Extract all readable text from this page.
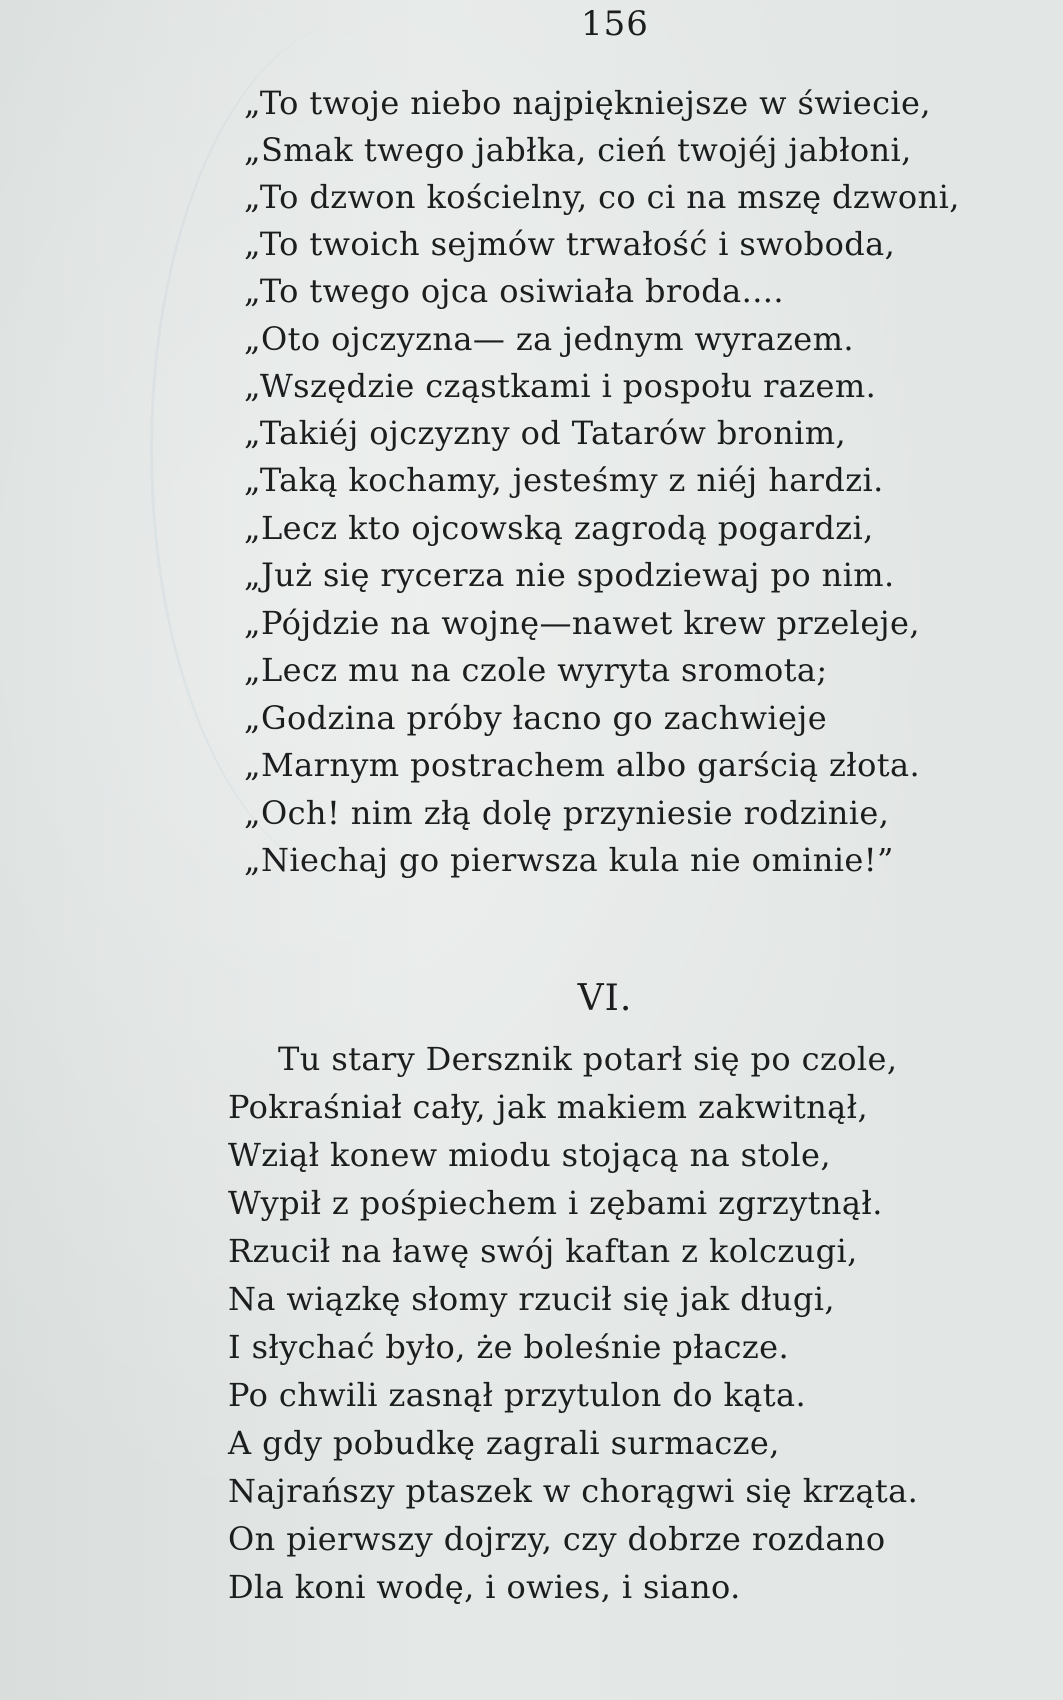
156
„To twoje niebo najpiękniejsze w świecie,
„Smak twego jabłka, cień twojéj jabłoni,
„To dzwon kościelny, co ci na mszę dzwoni,
„To twoich sejmów trwałość i swoboda,
„To twego ojca osiwiała broda....
„Oto ojczyzna— za jednym wyrazem.
„Wszędzie cząstkami i pospołu razem.
„Takiéj ojczyzny od Tatarów bronim,
„Taką kochamy, jesteśmy z niéj hardzi.
„Lecz kto ojcowską zagrodą pogardzi,
„Już się rycerza nie spodziewaj po nim.
„Pójdzie na wojnę—nawet krew przeleje,
„Lecz mu na czole wyryta sromota;
„Godzina próby łacno go zachwieje
„Marnym postrachem albo garścią złota.
„Och! nim złą dolę przyniesie rodzinie,
„Niechaj go pierwsza kula nie ominie!”
VI.
Tu stary Dersznik potarł się po czole,
Pokraśniał cały, jak makiem zakwitnął,
Wziął konew miodu stojącą na stole,
Wypił z pośpiechem i zębami zgrzytnął.
Rzucił na ławę swój kaftan z kolczugi,
Na wiązkę słomy rzucił się jak długi,
I słychać było, że boleśnie płacze.
Po chwili zasnął przytulon do kąta.
A gdy pobudkę zagrali surmacze,
Najrańszy ptaszek w chorągwi się krząta.
On pierwszy dojrzy, czy dobrze rozdano
Dla koni wodę, i owies, i siano.
